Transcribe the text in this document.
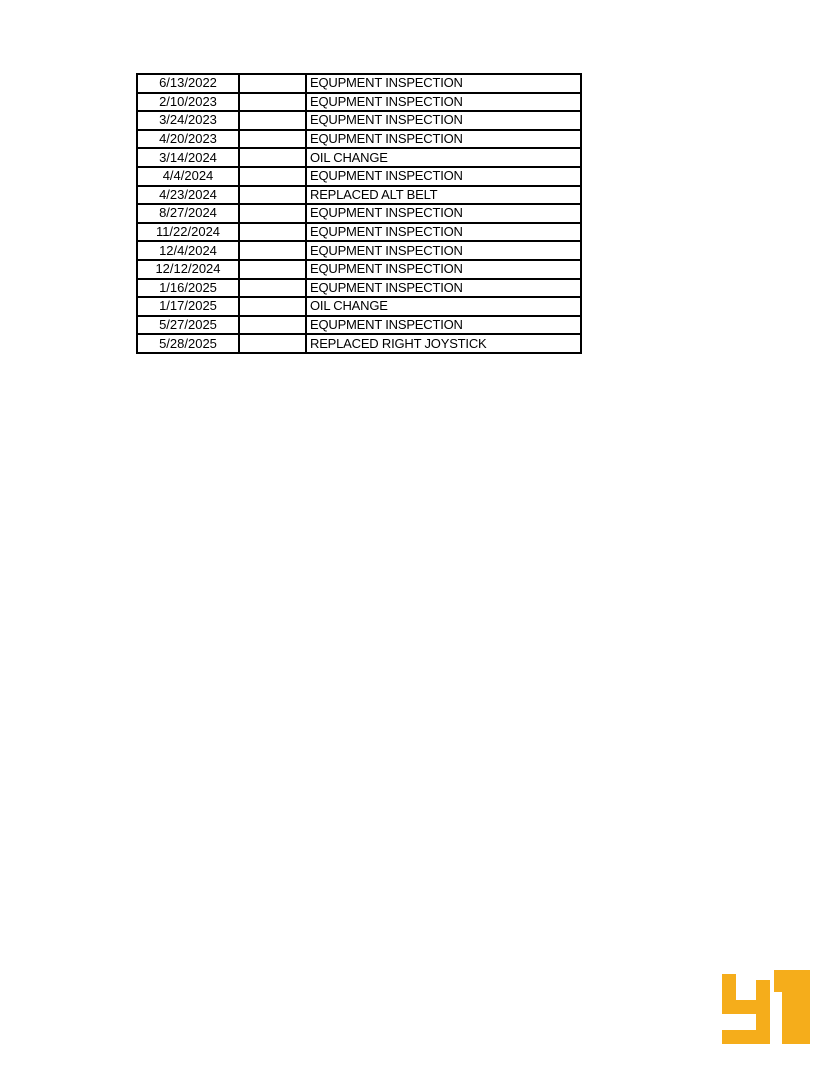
6/13/2022		EQUPMENT INSPECTION
2/10/2023		EQUPMENT INSPECTION
3/24/2023		EQUPMENT INSPECTION
4/20/2023		EQUPMENT INSPECTION
3/14/2024		OIL CHANGE
4/4/2024		EQUPMENT INSPECTION
4/23/2024		REPLACED ALT BELT
8/27/2024		EQUPMENT INSPECTION
11/22/2024		EQUPMENT INSPECTION
12/4/2024		EQUPMENT INSPECTION
12/12/2024		EQUPMENT INSPECTION
1/16/2025		EQUPMENT INSPECTION
1/17/2025		OIL CHANGE
5/27/2025		EQUPMENT INSPECTION
5/28/2025		REPLACED RIGHT JOYSTICK
